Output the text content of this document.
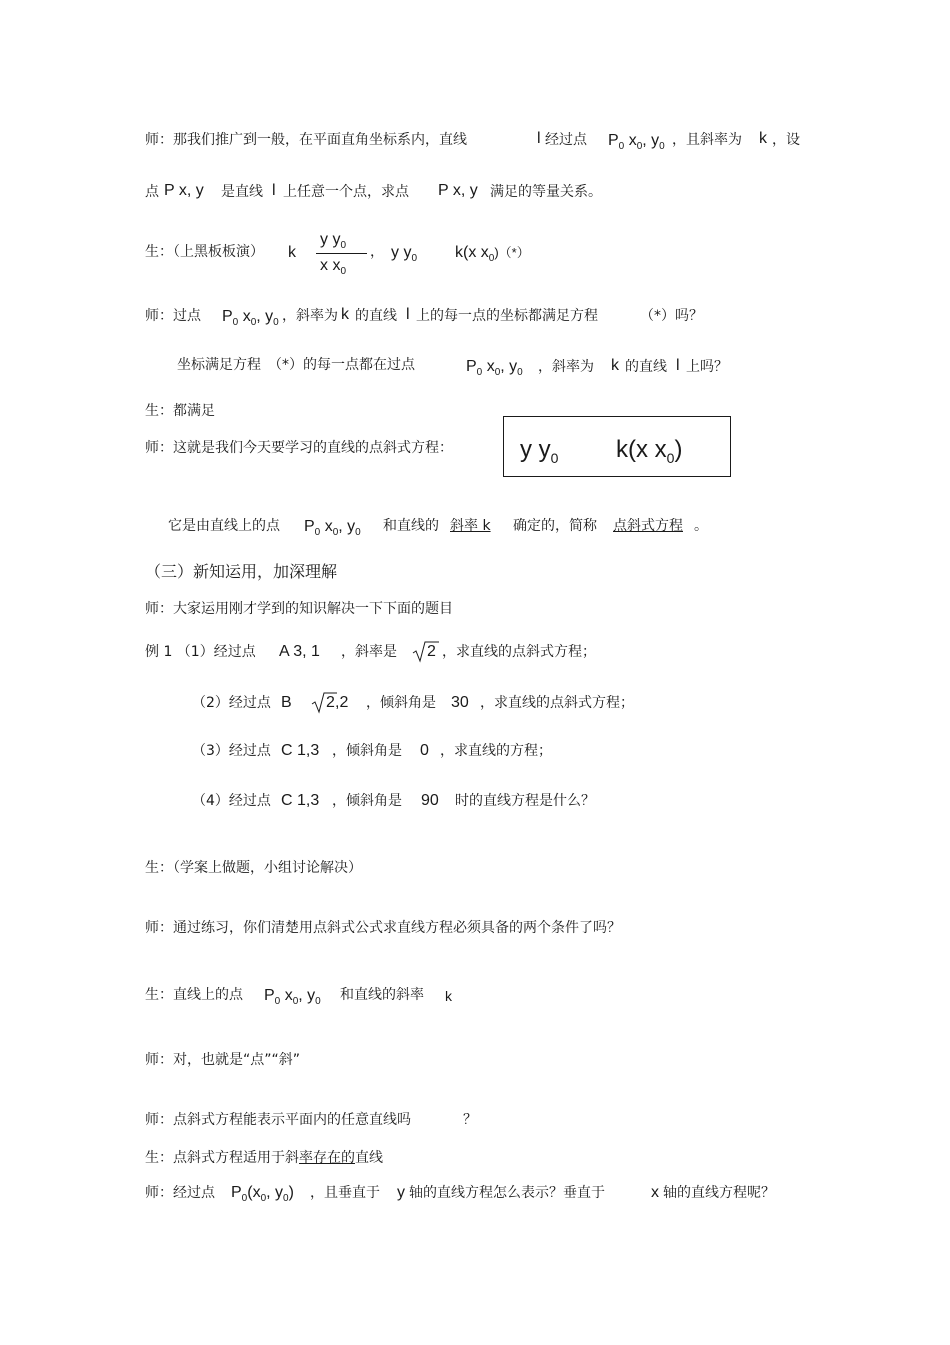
师：那我们推广到一般，在平面直角坐标系内，直线	l 经过点 $P_0$ $x_0$, $y_0$ ，且斜率为 k ，设
点 P x, y 是直线 l 上任意一个点，求点 P x, y 满足的等量关系。
生：（上黑板板演） k
y $y_0$
x $x_0$
， y $y_0$ k(x $x_0)(*)$
师：过点 $P_0$ $x_0$, $y_0$ ，斜率为 k 的直线 l 上的每一点的坐标都满足方程	（*）吗？
坐标满足方程　（*）的每一点都在过点	$P_0$ $x_0$, $y_0$ ，斜率为 k 的直线 l 上吗？
生：都满足
师：这就是我们今天要学习的直线的点斜式方程：	y $y_0$ k(x $x_0$)
它是由直线上的点 $P_0$ $x_0$, $y_0$ 和直线的 斜率 k 确定的，简称 点斜式方程 。
（三）新知运用，加深理解
师：大家运用刚才学到的知识解决一下下面的题目
例 1 （1）经过点 A 3, 1 ，斜率是 2 ，求直线的点斜式方程；
（2）经过点 B 2 ,2 ，倾斜角是 30 ，求直线的点斜式方程；
（3）经过点 C 1,3 ，倾斜角是 0 ，求直线的方程；
（4）经过点 C 1,3 ，倾斜角是 90 时的直线方程是什么？
生：（学案上做题，小组讨论解决）
师：通过练习，你们清楚用点斜式公式求直线方程必须具备的两个条件了吗？
生：直线上的点 $P_0$ $x_0$, $y_0$ 和直线的斜率 k
师：对，也就是“点”“斜”
师：点斜式方程能表示平面内的任意直线吗	？
生：点斜式方程适用于斜率存在的直线
师：经过点 $P_0(x_0$, $y_0$) ，且垂直于 y 轴的直线方程怎么表示？垂直于	x 轴的直线方程呢？
